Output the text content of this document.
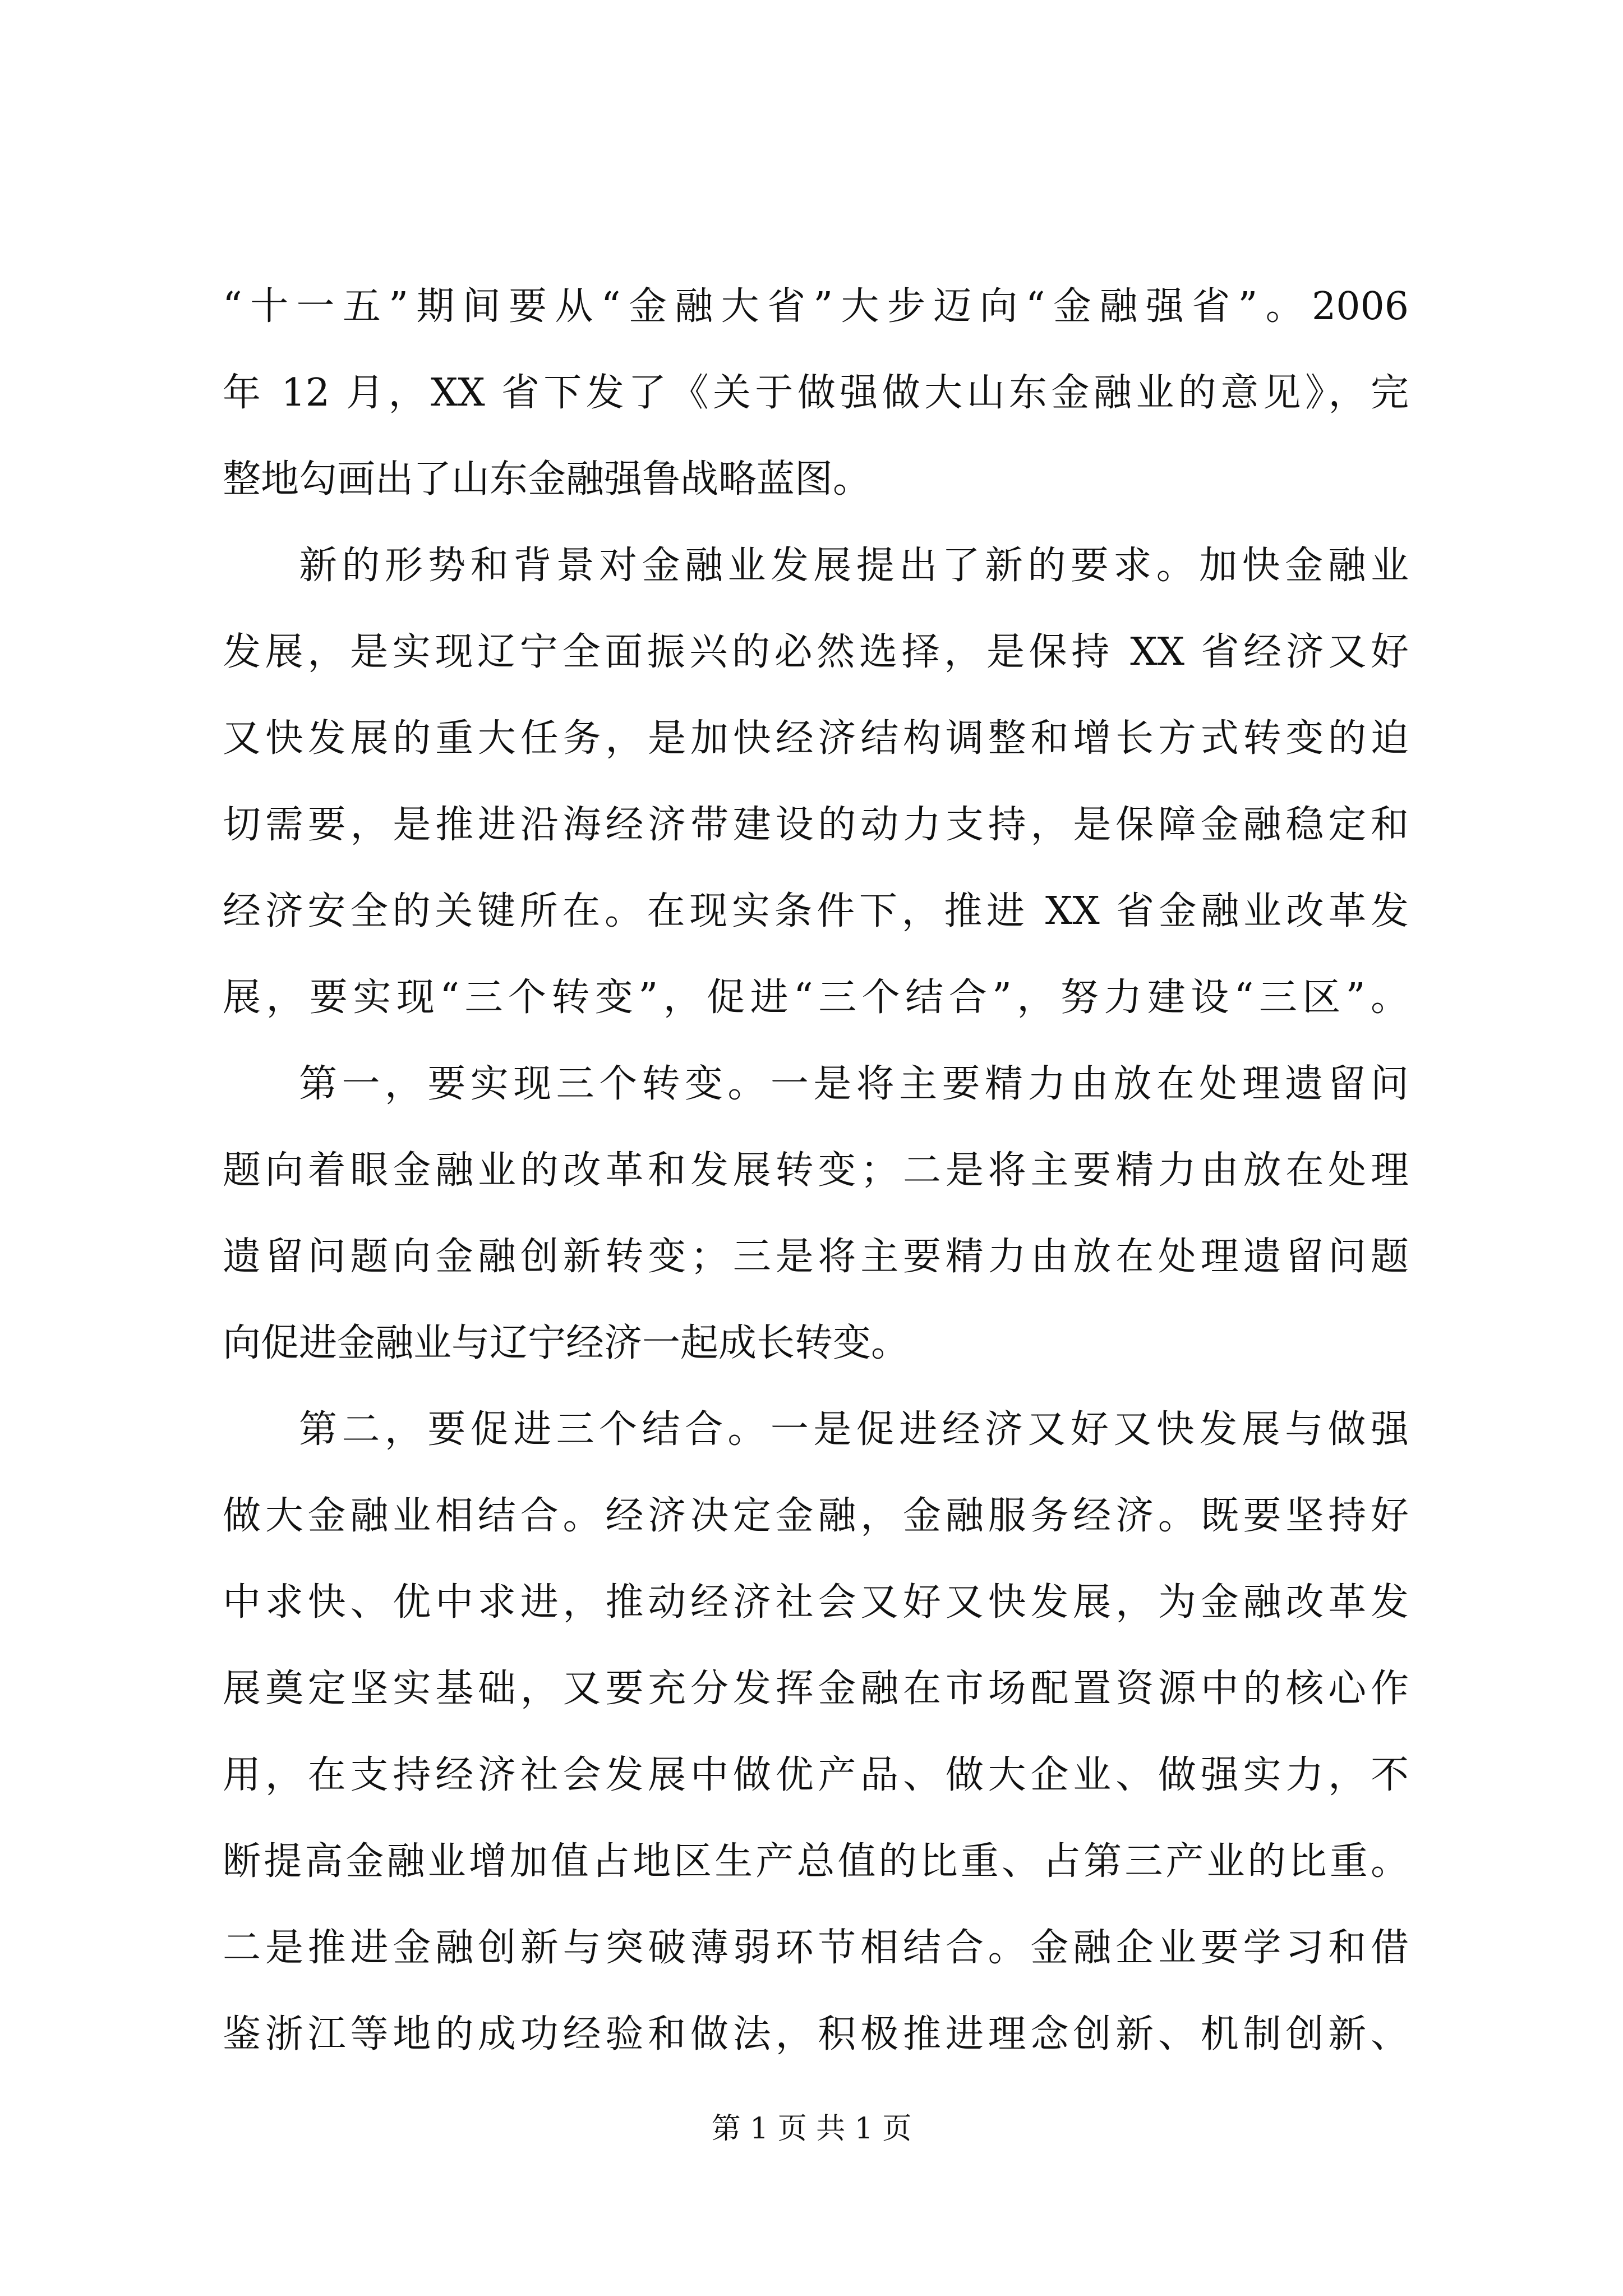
“十一五”期间要从“金融大省”大步迈向“金融强省”。2006
年 12 月，XX 省下发了《关于做强做大山东金融业的意见》，完
整地勾画出了山东金融强鲁战略蓝图。
新的形势和背景对金融业发展提出了新的要求。加快金融业
发展，是实现辽宁全面振兴的必然选择，是保持 XX 省经济又好
又快发展的重大任务，是加快经济结构调整和增长方式转变的迫
切需要，是推进沿海经济带建设的动力支持，是保障金融稳定和
经济安全的关键所在。在现实条件下，推进 XX 省金融业改革发
展，要实现“三个转变”，促进“三个结合”，努力建设“三区”。
第一，要实现三个转变。一是将主要精力由放在处理遗留问
题向着眼金融业的改革和发展转变；二是将主要精力由放在处理
遗留问题向金融创新转变；三是将主要精力由放在处理遗留问题
向促进金融业与辽宁经济一起成长转变。
第二，要促进三个结合。一是促进经济又好又快发展与做强
做大金融业相结合。经济决定金融，金融服务经济。既要坚持好
中求快、优中求进，推动经济社会又好又快发展，为金融改革发
展奠定坚实基础，又要充分发挥金融在市场配置资源中的核心作
用，在支持经济社会发展中做优产品、做大企业、做强实力，不
断提高金融业增加值占地区生产总值的比重、占第三产业的比重。
二是推进金融创新与突破薄弱环节相结合。金融企业要学习和借
鉴浙江等地的成功经验和做法，积极推进理念创新、机制创新、
第 1 页 共 1 页
